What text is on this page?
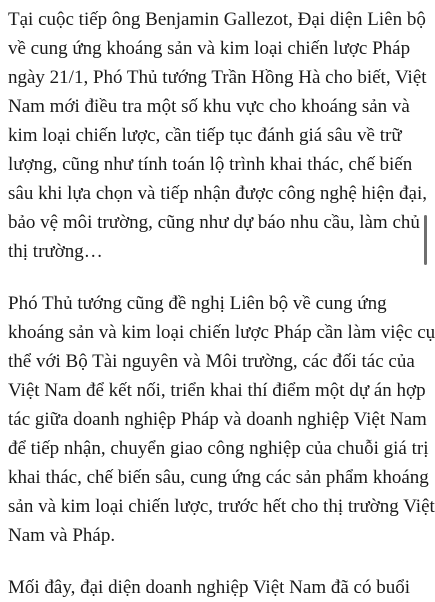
Tại cuộc tiếp ông Benjamin Gallezot, Đại diện Liên bộ
về cung ứng khoáng sản và kim loại chiến lược Pháp
ngày 21/1, Phó Thủ tướng Trần Hồng Hà cho biết, Việt
Nam mới điều tra một số khu vực cho khoáng sản và
kim loại chiến lược, cần tiếp tục đánh giá sâu về trữ
lượng, cũng như tính toán lộ trình khai thác, chế biến
sâu khi lựa chọn và tiếp nhận được công nghệ hiện đại,
bảo vệ môi trường, cũng như dự báo nhu cầu, làm chủ
thị trường…
Phó Thủ tướng cũng đề nghị Liên bộ về cung ứng
khoáng sản và kim loại chiến lược Pháp cần làm việc cụ
thể với Bộ Tài nguyên và Môi trường, các đối tác của
Việt Nam để kết nối, triển khai thí điểm một dự án hợp
tác giữa doanh nghiệp Pháp và doanh nghiệp Việt Nam
để tiếp nhận, chuyển giao công nghiệp của chuỗi giá trị
khai thác, chế biến sâu, cung ứng các sản phẩm khoáng
sản và kim loại chiến lược, trước hết cho thị trường Việt
Nam và Pháp.
Mối đây, đại diện doanh nghiệp Việt Nam đã có buổi
